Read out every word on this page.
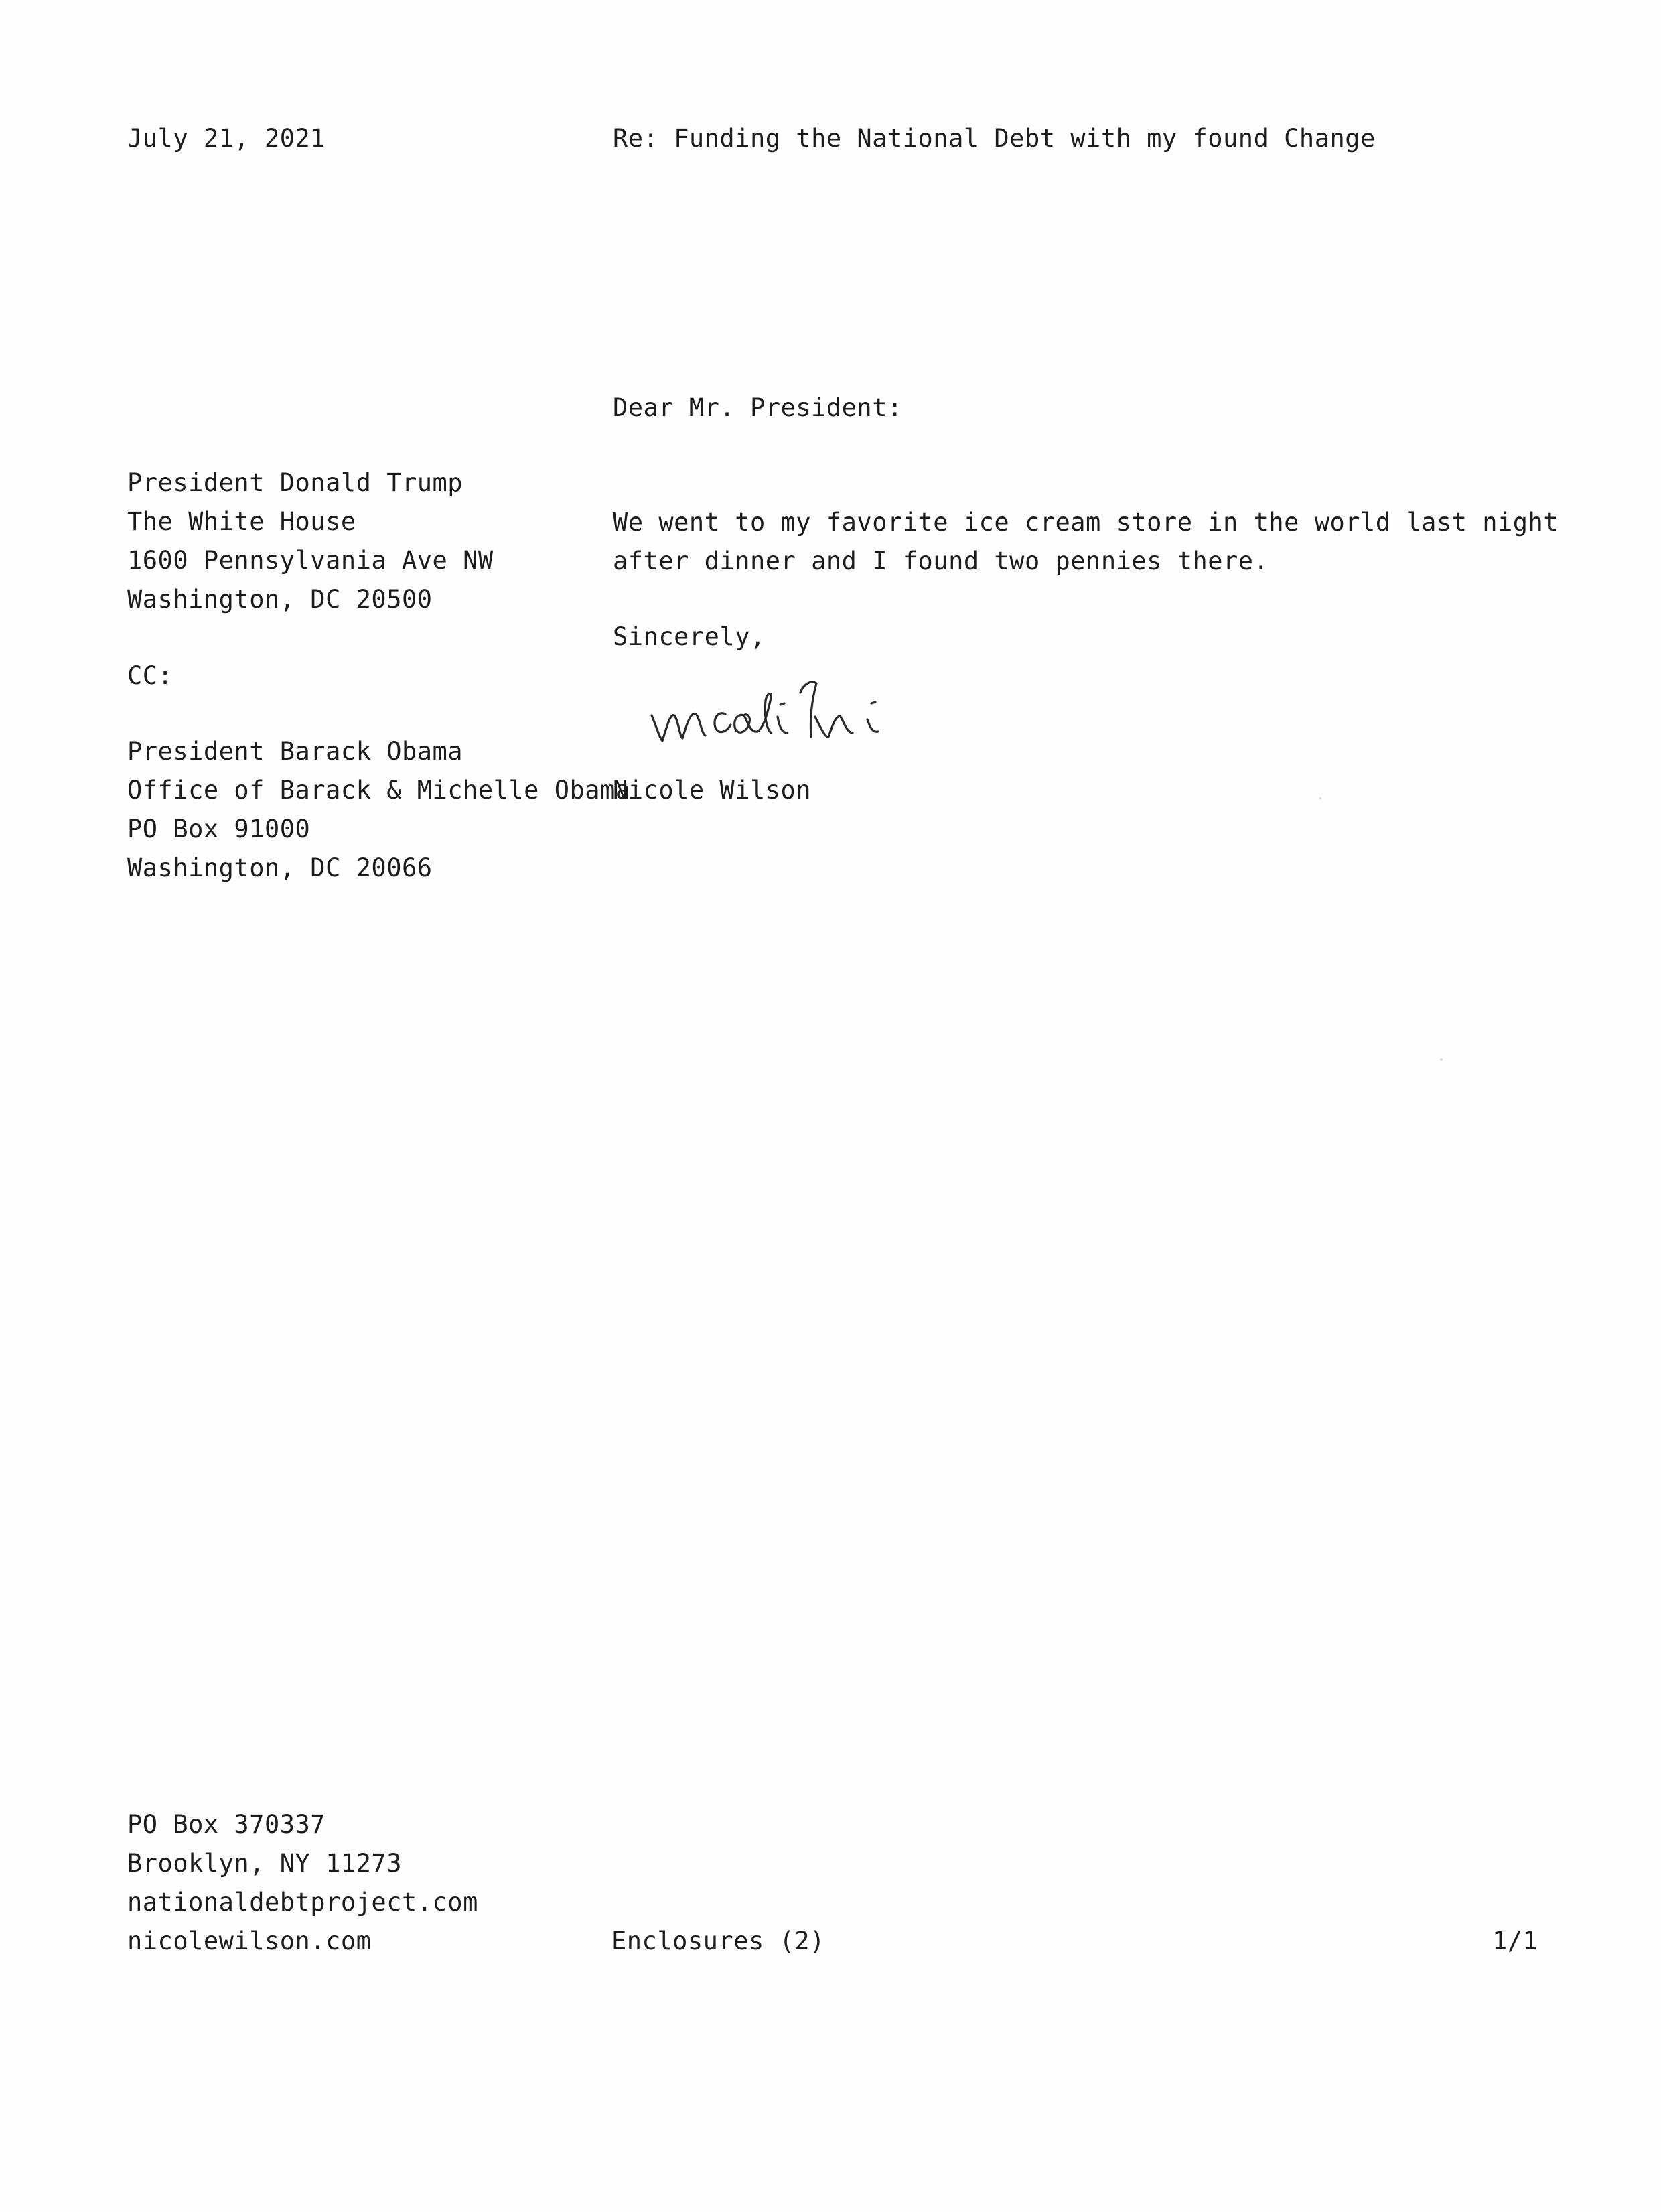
July 21, 2021	Re: Funding the National Debt with my found Change
Dear Mr. President:
President Donald Trump
The White House
1600 Pennsylvania Ave NW
Washington, DC 20500
CC:
President Barack Obama
Office of Barack & Michelle Obama
PO Box 91000
Washington, DC 20066
We went to my favorite ice cream store in the world last night
after dinner and I found two pennies there.
Sincerely,
Nicole Wilson
PO Box 370337
Brooklyn, NY 11273
nationaldebtproject.com
nicolewilson.com	Enclosures (2)	1/1
